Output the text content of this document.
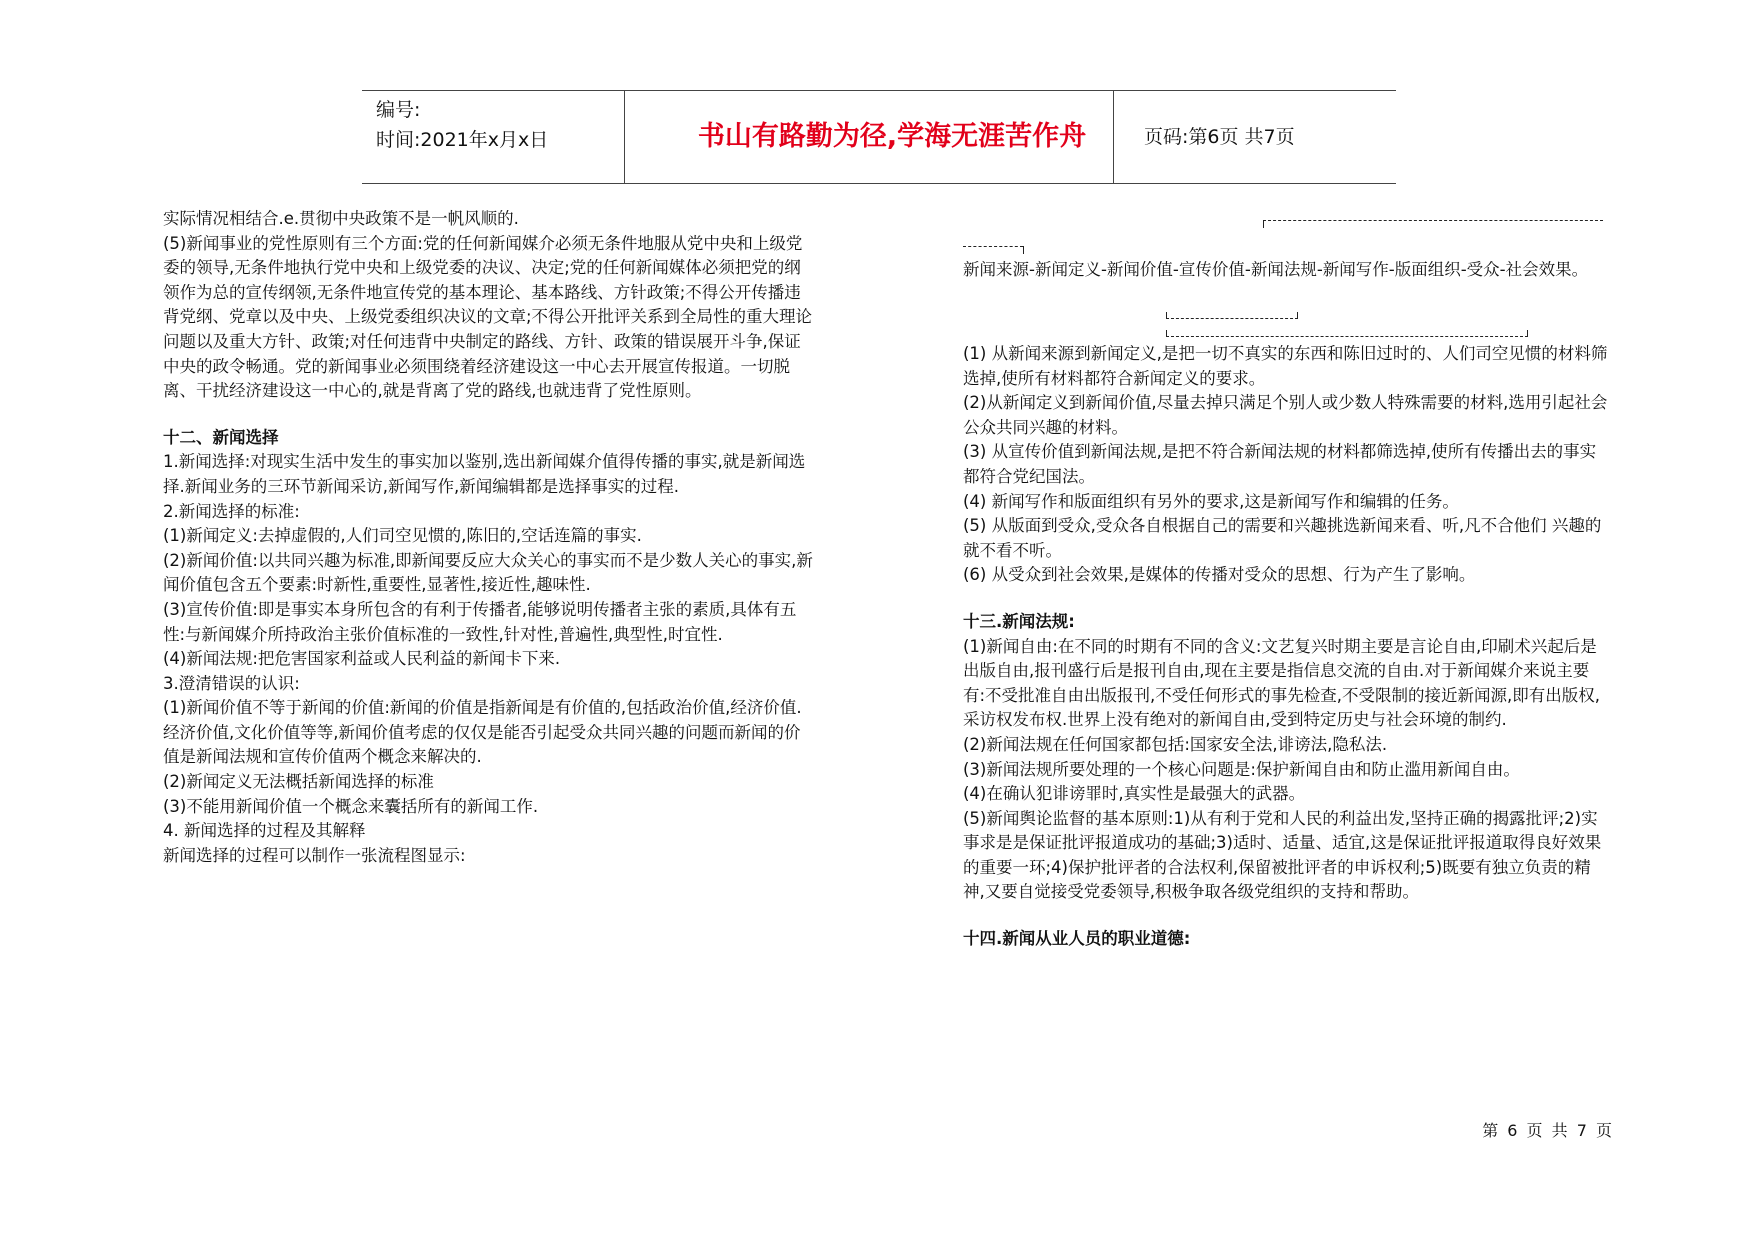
编号:
时间:2021年x月x日	书山有路勤为径,学海无涯苦作舟	页码:第6页 共7页

实际情况相结合.e.贯彻中央政策不是一帆风顺的.

(5)新闻事业的党性原则有三个方面:党的任何新闻媒介必须无条件地服从党中央和上级党委的领导,无条件地执行党中央和上级党委的决议、决定;党的任何新闻媒体必须把党的纲领作为总的宣传纲领,无条件地宣传党的基本理论、基本路线、方针政策;不得公开传播违背党纲、党章以及中央、上级党委组织决议的文章;不得公开批评关系到全局性的重大理论问题以及重大方针、政策;对任何违背中央制定的路线、方针、政策的错误展开斗争,保证中央的政令畅通。党的新闻事业必须围绕着经济建设这一中心去开展宣传报道。一切脱离、干扰经济建设这一中心的,就是背离了党的路线,也就违背了党性原则。

十二、新闻选择

1.新闻选择:对现实生活中发生的事实加以鉴别,选出新闻媒介值得传播的事实,就是新闻选择.新闻业务的三环节新闻采访,新闻写作,新闻编辑都是选择事实的过程.

2.新闻选择的标准:

(1)新闻定义:去掉虚假的,人们司空见惯的,陈旧的,空话连篇的事实.

(2)新闻价值:以共同兴趣为标准,即新闻要反应大众关心的事实而不是少数人关心的事实,新闻价值包含五个要素:时新性,重要性,显著性,接近性,趣味性.

(3)宣传价值:即是事实本身所包含的有利于传播者,能够说明传播者主张的素质,具体有五性:与新闻媒介所持政治主张价值标准的一致性,针对性,普遍性,典型性,时宜性.

(4)新闻法规:把危害国家利益或人民利益的新闻卡下来.

3.澄清错误的认识:

(1)新闻价值不等于新闻的价值:新闻的价值是指新闻是有价值的,包括政治价值,经济价值.经济价值,文化价值等等,新闻价值考虑的仅仅是能否引起受众共同兴趣的问题而新闻的价值是新闻法规和宣传价值两个概念来解决的.

(2)新闻定义无法概括新闻选择的标准

(3)不能用新闻价值一个概念来囊括所有的新闻工作.

4. 新闻选择的过程及其解释

新闻选择的过程可以制作一张流程图显示:

新闻来源-新闻定义-新闻价值-宣传价值-新闻法规-新闻写作-版面组织-受众-社会效果。

(1) 从新闻来源到新闻定义,是把一切不真实的东西和陈旧过时的、人们司空见惯的材料筛选掉,使所有材料都符合新闻定义的要求。

(2)从新闻定义到新闻价值,尽量去掉只满足个别人或少数人特殊需要的材料,选用引起社会公众共同兴趣的材料。

(3) 从宣传价值到新闻法规,是把不符合新闻法规的材料都筛选掉,使所有传播出去的事实都符合党纪国法。

(4) 新闻写作和版面组织有另外的要求,这是新闻写作和编辑的任务。

(5) 从版面到受众,受众各自根据自己的需要和兴趣挑选新闻来看、听,凡不合他们 兴趣的就不看不听。

(6) 从受众到社会效果,是媒体的传播对受众的思想、行为产生了影响。

十三.新闻法规:

(1)新闻自由:在不同的时期有不同的含义:文艺复兴时期主要是言论自由,印刷术兴起后是出版自由,报刊盛行后是报刊自由,现在主要是指信息交流的自由.对于新闻媒介来说主要有:不受批准自由出版报刊,不受任何形式的事先检查,不受限制的接近新闻源,即有出版权,采访权发布权.世界上没有绝对的新闻自由,受到特定历史与社会环境的制约.

(2)新闻法规在任何国家都包括:国家安全法,诽谤法,隐私法.

(3)新闻法规所要处理的一个核心问题是:保护新闻自由和防止滥用新闻自由。

(4)在确认犯诽谤罪时,真实性是最强大的武器。

(5)新闻舆论监督的基本原则:1)从有利于党和人民的利益出发,坚持正确的揭露批评;2)实事求是是保证批评报道成功的基础;3)适时、适量、适宜,这是保证批评报道取得良好效果的重要一环;4)保护批评者的合法权利,保留被批评者的申诉权利;5)既要有独立负责的精神,又要自觉接受党委领导,积极争取各级党组织的支持和帮助。

十四.新闻从业人员的职业道德:

第 6 页 共 7 页
